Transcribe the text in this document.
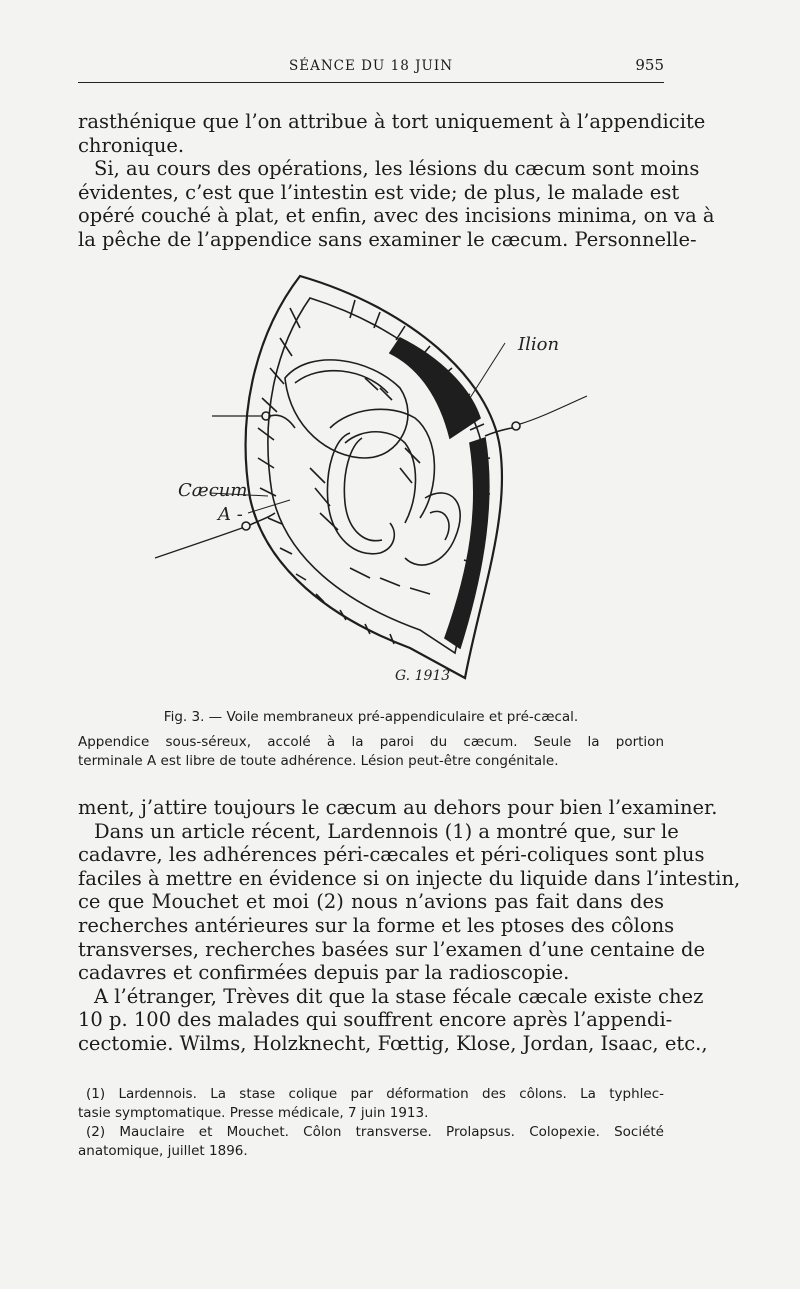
SÉANCE DU 18 JUIN	955
rasthénique que l’on attribue à tort uniquement à l’appendicite
chronique.
Si, au cours des opérations, les lésions du cæcum sont moins
évidentes, c’est que l’intestin est vide; de plus, le malade est
opéré couché à plat, et enfin, avec des incisions minima, on va à
la pêche de l’appendice sans examiner le cæcum. Personnelle-
Ilion
Cæcum
A -
G. 1913
Fig. 3. — Voile membraneux pré-appendiculaire et pré-cæcal.
Appendice sous-séreux, accolé à la paroi du cæcum. Seule la portion
terminale A est libre de toute adhérence. Lésion peut-être congénitale.
ment, j’attire toujours le cæcum au dehors pour bien l’examiner.
Dans un article récent, Lardennois (1) a montré que, sur le
cadavre, les adhérences péri-cæcales et péri-coliques sont plus
faciles à mettre en évidence si on injecte du liquide dans l’intestin,
ce que Mouchet et moi (2) nous n’avions pas fait dans des
recherches antérieures sur la forme et les ptoses des côlons
transverses, recherches basées sur l’examen d’une centaine de
cadavres et confirmées depuis par la radioscopie.
A l’étranger, Trèves dit que la stase fécale cæcale existe chez
10 p. 100 des malades qui souffrent encore après l’appendi-
cectomie. Wilms, Holzknecht, Fœttig, Klose, Jordan, Isaac, etc.,
(1) Lardennois. La stase colique par déformation des côlons. La typhlec-
tasie symptomatique. Presse médicale, 7 juin 1913.
(2) Mauclaire et Mouchet. Côlon transverse. Prolapsus. Colopexie. Société
anatomique, juillet 1896.
